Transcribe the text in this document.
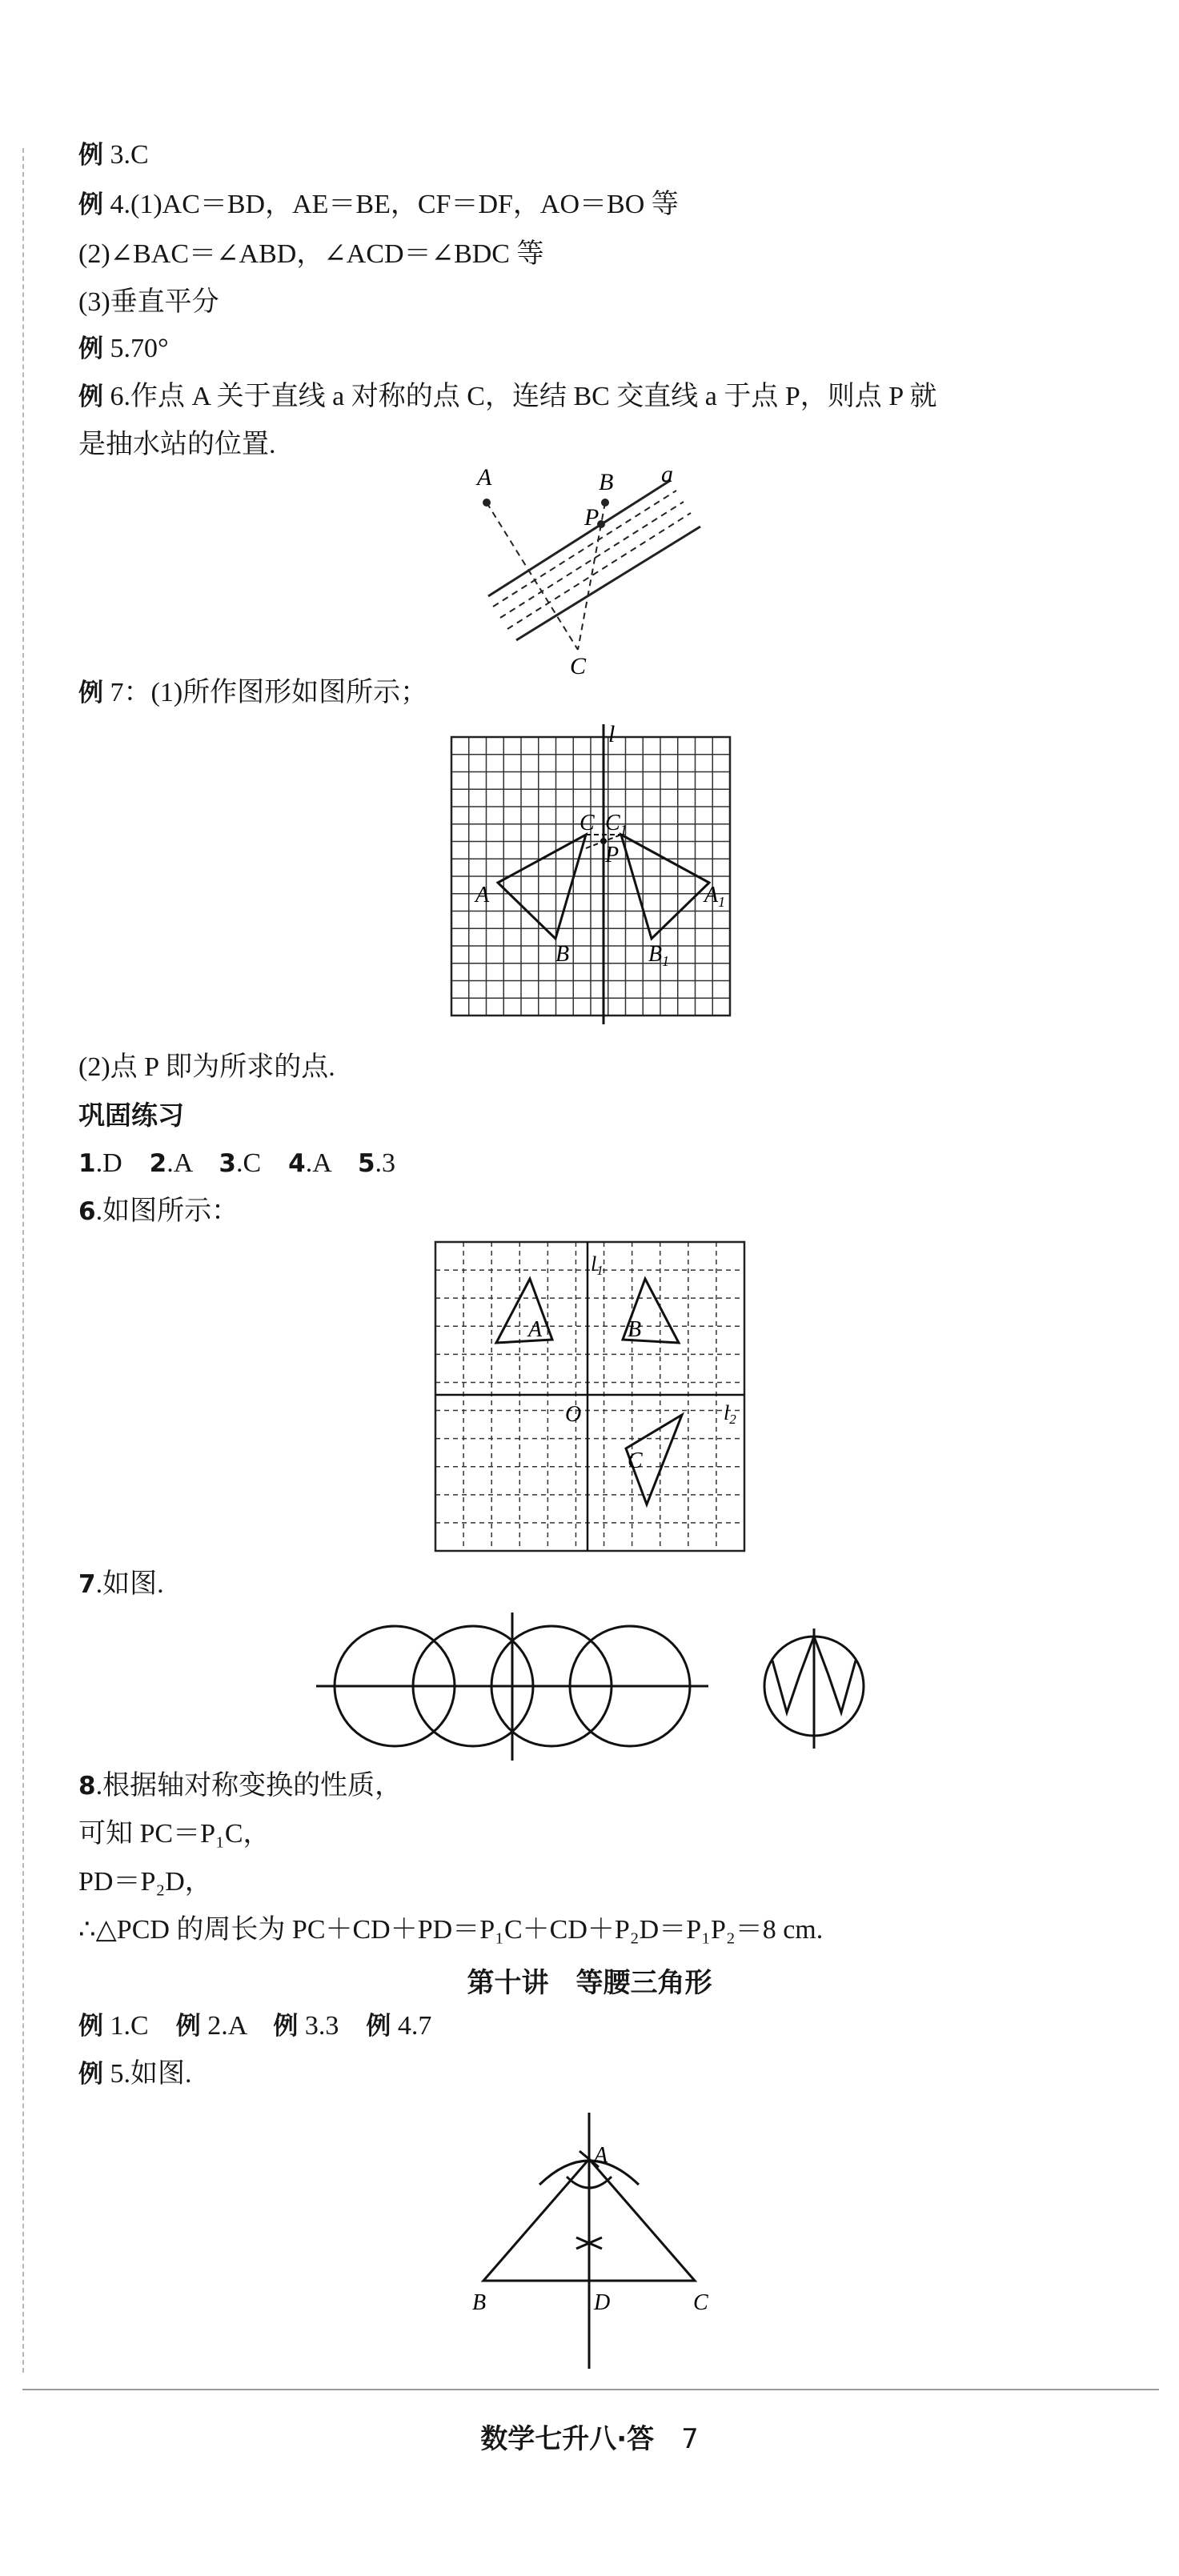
例 3.C
例 4.(1)AC＝BD，AE＝BE，CF＝DF，AO＝BO 等
(2)∠BAC＝∠ABD，∠ACD＝∠BDC 等
(3)垂直平分
例 5.70°
例 6.作点 A 关于直线 a 对称的点 C，连结 BC 交直线 a 于点 P，则点 P 就
是抽水站的位置.
A	B
P
a
C
例 7：(1)所作图形如图所示；
l
C $C_1$
P
A	$A_1$
B	$B_1$
(2)点 P 即为所求的点.
巩固练习
1.D　 2.A　 3.C　 4.A　 5.3
6.如图所示：
l1
l2
O
A	B
C
7.如图.
8.根据轴对称变换的性质，
可知 PC＝P₁C，
PD＝P₂D，
∴△PCD 的周长为 PC＋CD＋PD＝P₁C＋CD＋P₂D＝P₁P₂＝8 cm.
第十讲　等腰三角形
例 1.C　 例 2.A　 例 3.3　 例 4.7
例 5.如图.
A
B	C
D
数学七升八·答　 7
